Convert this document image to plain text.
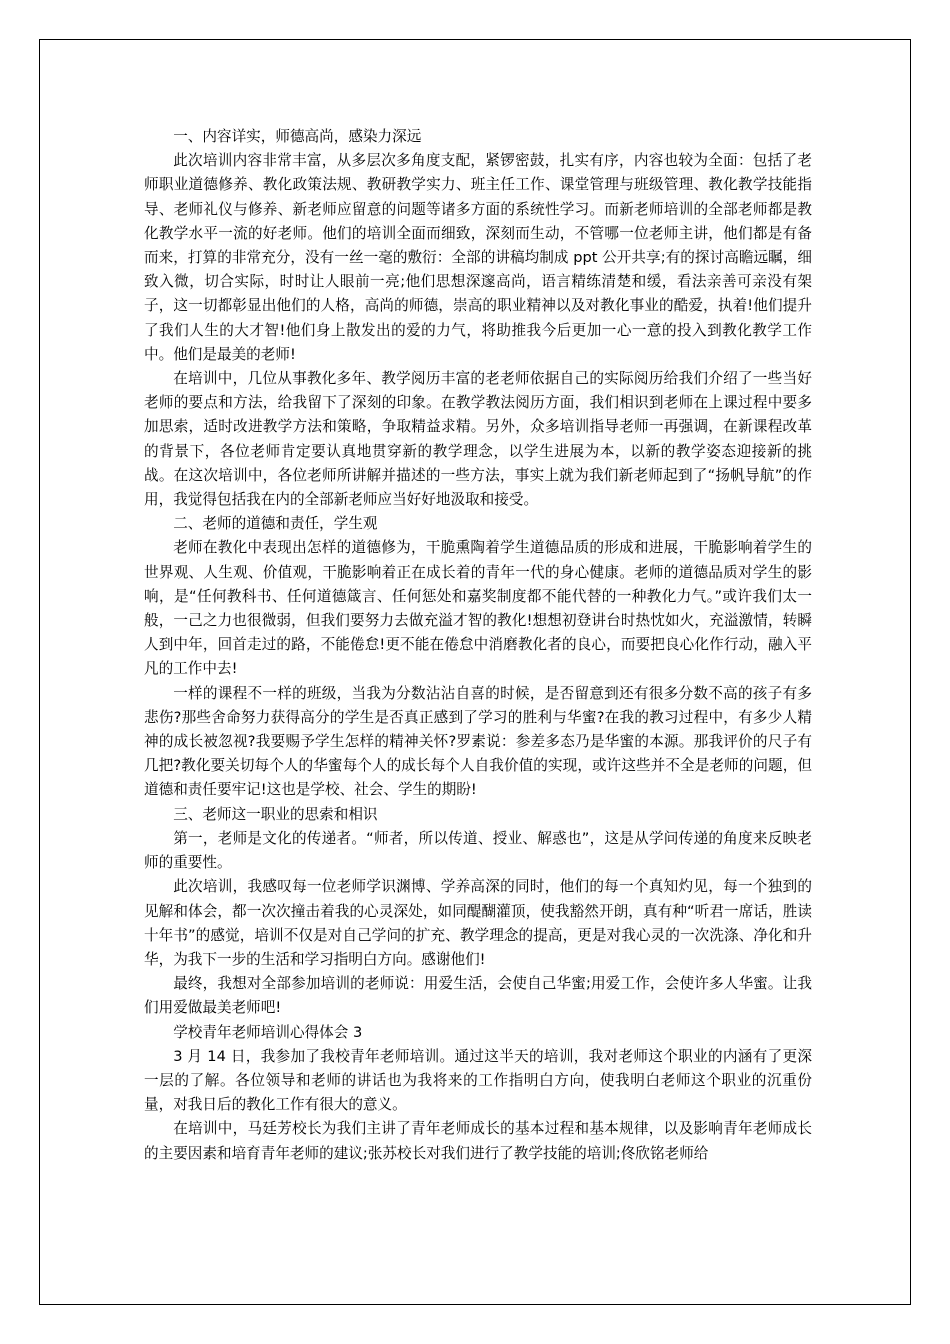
一、内容详实，师德高尚，感染力深远

此次培训内容非常丰富，从多层次多角度支配，紧锣密鼓，扎实有序，内容也较为全面：包括了老师职业道德修养、教化政策法规、教研教学实力、班主任工作、课堂管理与班级管理、教化教学技能指导、老师礼仪与修养、新老师应留意的问题等诸多方面的系统性学习。而新老师培训的全部老师都是教化教学水平一流的好老师。他们的培训全面而细致，深刻而生动，不管哪一位老师主讲，他们都是有备而来，打算的非常充分，没有一丝一毫的敷衍：全部的讲稿均制成 ppt 公开共享;有的探讨高瞻远瞩，细致入微，切合实际，时时让人眼前一亮;他们思想深邃高尚，语言精练清楚和缓，看法亲善可亲没有架子，这一切都彰显出他们的人格，高尚的师德，崇高的职业精神以及对教化事业的酷爱，执着!他们提升了我们人生的大才智!他们身上散发出的爱的力气，将助推我今后更加一心一意的投入到教化教学工作中。他们是最美的老师!

在培训中，几位从事教化多年、教学阅历丰富的老老师依据自己的实际阅历给我们介绍了一些当好老师的要点和方法，给我留下了深刻的印象。在教学教法阅历方面，我们相识到老师在上课过程中要多加思索，适时改进教学方法和策略，争取精益求精。另外，众多培训指导老师一再强调，在新课程改革的背景下，各位老师肯定要认真地贯穿新的教学理念，以学生进展为本，以新的教学姿态迎接新的挑战。在这次培训中，各位老师所讲解并描述的一些方法，事实上就为我们新老师起到了“扬帆导航”的作用，我觉得包括我在内的全部新老师应当好好地汲取和接受。

二、老师的道德和责任，学生观

老师在教化中表现出怎样的道德修为，干脆熏陶着学生道德品质的形成和进展，干脆影响着学生的世界观、人生观、价值观，干脆影响着正在成长着的青年一代的身心健康。老师的道德品质对学生的影响，是“任何教科书、任何道德箴言、任何惩处和嘉奖制度都不能代替的一种教化力气。”或许我们太一般，一己之力也很微弱，但我们要努力去做充溢才智的教化!想想初登讲台时热忱如火，充溢激情，转瞬人到中年，回首走过的路，不能倦怠!更不能在倦怠中消磨教化者的良心，而要把良心化作行动，融入平凡的工作中去!

一样的课程不一样的班级，当我为分数沾沾自喜的时候，是否留意到还有很多分数不高的孩子有多悲伤?那些舍命努力获得高分的学生是否真正感到了学习的胜利与华蜜?在我的教习过程中，有多少人精神的成长被忽视?我要赐予学生怎样的精神关怀?罗素说：参差多态乃是华蜜的本源。那我评价的尺子有几把?教化要关切每个人的华蜜每个人的成长每个人自我价值的实现，或许这些并不全是老师的问题，但道德和责任要牢记!这也是学校、社会、学生的期盼!

三、老师这一职业的思索和相识

第一，老师是文化的传递者。“师者，所以传道、授业、解惑也”，这是从学问传递的角度来反映老师的重要性。

此次培训，我感叹每一位老师学识渊博、学养高深的同时，他们的每一个真知灼见，每一个独到的见解和体会，都一次次撞击着我的心灵深处，如同醍醐灌顶，使我豁然开朗，真有种“听君一席话，胜读十年书”的感觉，培训不仅是对自己学问的扩充、教学理念的提高，更是对我心灵的一次洗涤、净化和升华，为我下一步的生活和学习指明白方向。感谢他们!

最终，我想对全部参加培训的老师说：用爱生活，会使自己华蜜;用爱工作，会使许多人华蜜。让我们用爱做最美老师吧!

学校青年老师培训心得体会 3

3 月 14 日，我参加了我校青年老师培训。通过这半天的培训，我对老师这个职业的内涵有了更深一层的了解。各位领导和老师的讲话也为我将来的工作指明白方向，使我明白老师这个职业的沉重份量，对我日后的教化工作有很大的意义。

在培训中，马廷芳校长为我们主讲了青年老师成长的基本过程和基本规律，以及影响青年老师成长的主要因素和培育青年老师的建议;张苏校长对我们进行了教学技能的培训;佟欣铭老师给
